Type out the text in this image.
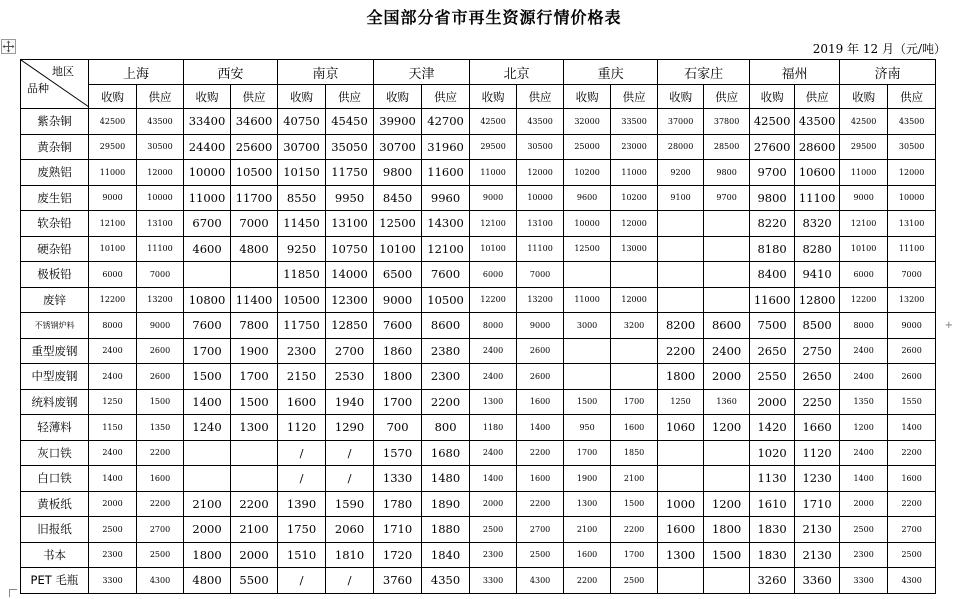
全国部分省市再生资源行情价格表
2019 年 12 月（元/吨）
地区
品种	上海		西安		南京		天津		北京		重庆		石家庄		福州		济南	
	收购	供应	收购	供应	收购	供应	收购	供应	收购	供应	收购	供应	收购	供应	收购	供应	收购	供应
紫杂铜	42500	43500	33400	34600	40750	45450	39900	42700	42500	43500	32000	33500	37000	37800	42500	43500	42500	43500
黄杂铜	29500	30500	24400	25600	30700	35050	30700	31960	29500	30500	25000	23000	28000	28500	27600	28600	29500	30500
废熟铝	11000	12000	10000	10500	10150	11750	9800	11600	11000	12000	10200	11000	9200	9800	9700	10600	11000	12000
废生铝	9000	10000	11000	11700	8550	9950	8450	9960	9000	10000	9600	10200	9100	9700	9800	11100	9000	10000
软杂铅	12100	13100	6700	7000	11450	13100	12500	14300	12100	13100	10000	12000			8220	8320	12100	13100
硬杂铅	10100	11100	4600	4800	9250	10750	10100	12100	10100	11100	12500	13000			8180	8280	10100	11100
极板铅	6000	7000			11850	14000	6500	7600	6000	7000					8400	9410	6000	7000
废锌	12200	13200	10800	11400	10500	12300	9000	10500	12200	13200	11000	12000			11600	12800	12200	13200
不锈钢炉料	8000	9000	7600	7800	11750	12850	7600	8600	8000	9000	3000	3200	8200	8600	7500	8500	8000	9000
重型废钢	2400	2600	1700	1900	2300	2700	1860	2380	2400	2600			2200	2400	2650	2750	2400	2600
中型废钢	2400	2600	1500	1700	2150	2530	1800	2300	2400	2600			1800	2000	2550	2650	2400	2600
统料废钢	1250	1500	1400	1500	1600	1940	1700	2200	1300	1600	1500	1700	1250	1360	2000	2250	1350	1550
轻薄料	1150	1350	1240	1300	1120	1290	700	800	1180	1400	950	1600	1060	1200	1420	1660	1200	1400
灰口铁	2400	2200			/	/	1570	1680	2400	2200	1700	1850			1020	1120	2400	2200
白口铁	1400	1600			/	/	1330	1480	1400	1600	1900	2100			1130	1230	1400	1600
黄板纸	2000	2200	2100	2200	1390	1590	1780	1890	2000	2200	1300	1500	1000	1200	1610	1710	2000	2200
旧报纸	2500	2700	2000	2100	1750	2060	1710	1880	2500	2700	2100	2200	1600	1800	1830	2130	2500	2700
书本	2300	2500	1800	2000	1510	1810	1720	1840	2300	2500	1600	1700	1300	1500	1830	2130	2300	2500
PET 毛瓶	3300	4300	4800	5500	/	/	3760	4350	3300	4300	2200	2500			3260	3360	3300	4300
+
